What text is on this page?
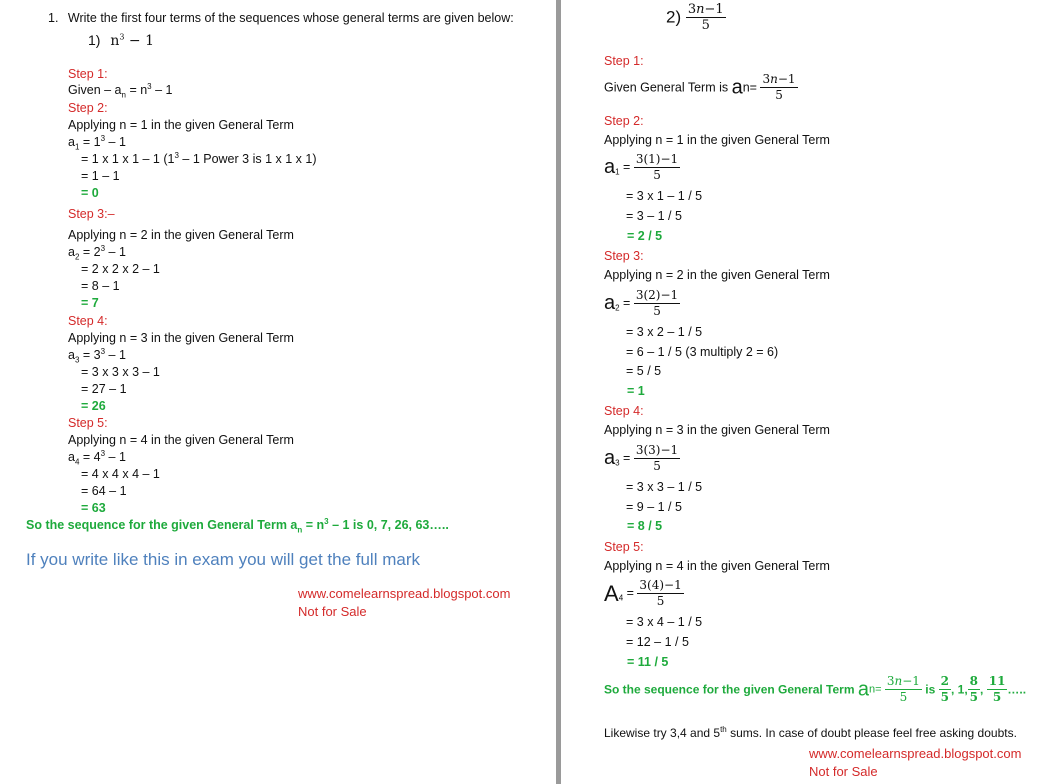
1. Write the first four terms of the sequences whose general terms are given below:
1) $n^3 - 1$
Step 1:
Given – $a_n = n^3 - 1$
Step 2:
Applying n = 1 in the given General Term
$a_1 = 1^3 - 1$
= 1 x 1 x 1 – 1 ($1^3 - 1$ Power 3 is 1 x 1 x 1)
= 1 – 1
= 0
Step 3:–
Applying n = 2 in the given General Term
$a_2 = 2^3 - 1$
= 2 x 2 x 2 – 1
= 8 – 1
= 7
Step 4:
Applying n = 3 in the given General Term
$a_3 = 3^3 - 1$
= 3 x 3 x 3 – 1
= 27 – 1
= 26
Step 5:
Applying n = 4 in the given General Term
$a_4 = 4^3 - 1$
= 4 x 4 x 4 – 1
= 64 – 1
= 63
So the sequence for the given General Term $a_n = n^3 - 1$ is 0, 7, 26, 63…..
If you write like this in exam you will get the full mark
www.comelearnspread.blogspot.com
Not for Sale
$2) \frac{\text{3𝑛−1}}{5}$
Step 1:
Given General Term is $an= \frac{\text{3𝑛−1}}{5}$
Step 2:
Applying n = 1 in the given General Term
$a_1 = \frac{3(1)-1}{5}$
= 3 x 1 – 1 / 5
= 3 – 1 / 5
= 2 / 5
Step 3:
Applying n = 2 in the given General Term
$a_2 = \frac{3(2)-1}{5}$
= 3 x 2 – 1 / 5
= 6 – 1 / 5 (3 multiply 2 = 6)
= 5 / 5
= 1
Step 4:
Applying n = 3 in the given General Term
$a_3 = \frac{3(3)-1}{5}$
= 3 x 3 – 1 / 5
= 9 – 1 / 5
= 8 / 5
Step 5:
Applying n = 4 in the given General Term
$A_4 = \frac{3(4)-1}{5}$
= 3 x 4 – 1 / 5
= 12 – 1 / 5
= 11 / 5
So the sequence for the given General Term $an= \frac{\text{3𝑛−1}}{5}$ is $\frac{2}{5}$ , 1, $\frac{8}{5}$ , $\frac{11}{5}$ …..
Likewise try 3,4 and 5th sums. In case of doubt please feel free asking doubts.
www.comelearnspread.blogspot.com
Not for Sale
